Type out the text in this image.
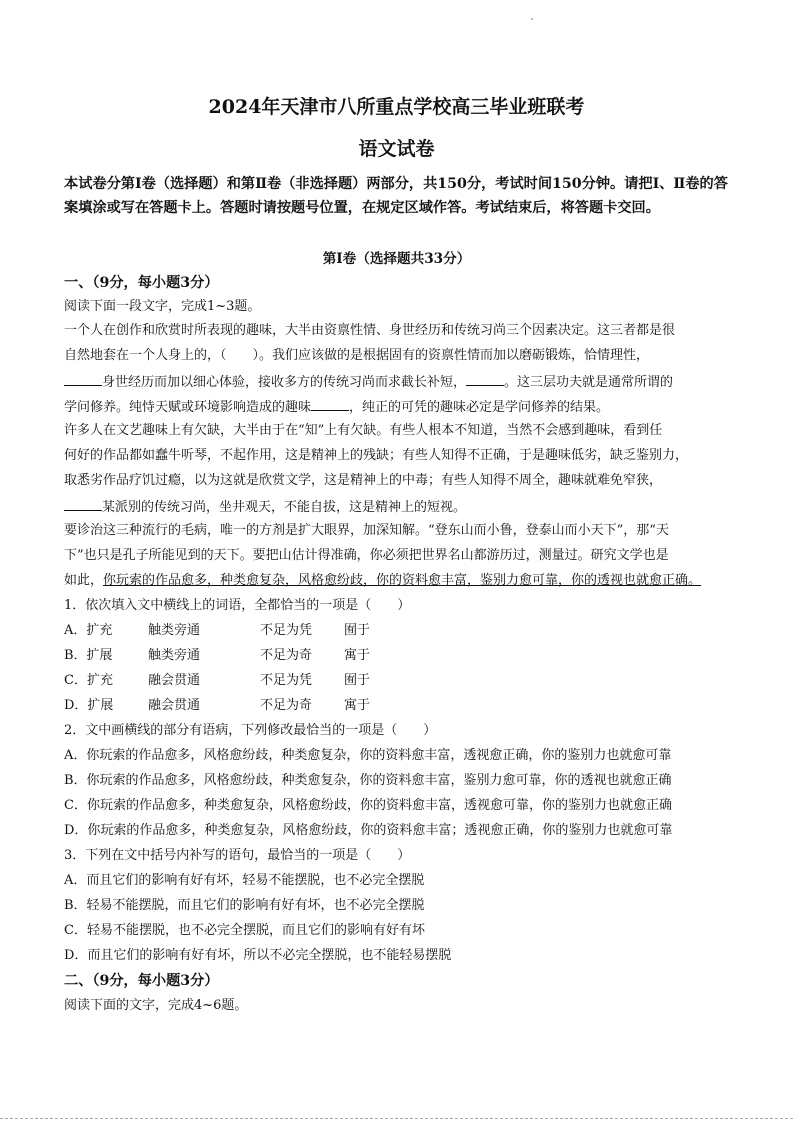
2024年天津市八所重点学校高三毕业班联考
语文试卷
本试卷分第Ⅰ卷（选择题）和第Ⅱ卷（非选择题）两部分，共150分，考试时间150分钟。请把Ⅰ、Ⅱ卷的答案填涂或写在答题卡上。答题时请按题号位置，在规定区域作答。考试结束后，将答题卡交回。
第Ⅰ卷（选择题共33分）
一、（9分，每小题3分）
阅读下面一段文字，完成1~3题。
一个人在创作和欣赏时所表现的趣味，大半由资禀性情、身世经历和传统习尚三个因素决定。这三者都是很
自然地套在一个人身上的，（　　）。我们应该做的是根据固有的资禀性情而加以磨砺锻炼，恰情理性，
身世经历而加以细心体验，接收多方的传统习尚而求截长补短，	。这三层功夫就是通常所谓的
学问修养。纯恃天赋或环境影响造成的趣味	，纯正的可凭的趣味必定是学问修养的结果。
许多人在文艺趣味上有欠缺，大半由于在“知”上有欠缺。有些人根本不知道，当然不会感到趣味，看到任
何好的作品都如蠢牛听琴，不起作用，这是精神上的残缺；有些人知得不正确，于是趣味低劣，缺乏鉴别力，
取悉劣作品疗饥过瘾，以为这就是欣赏文学，这是精神上的中毒；有些人知得不周全，趣味就难免窄狭，
某派别的传统习尚，坐井观天，不能自拔，这是精神上的短视。
要诊治这三种流行的毛病，唯一的方剂是扩大眼界，加深知解。“登东山而小鲁，登泰山而小天下”，那“天
下”也只是孔子所能见到的天下。要把山估计得准确，你必须把世界名山都游历过，测量过。研究文学也是
如此，你玩索的作品愈多，种类愈复杂，风格愈纷歧，你的资料愈丰富，鉴别力愈可靠，你的透视也就愈正确。
1．依次填入文中横线上的词语，全都恰当的一项是（　　）
A．扩充	触类旁通	不足为凭 囿于
B．扩展	触类旁通	不足为奇 寓于
C．扩充	融会贯通	不足为凭 囿于
D．扩展	融会贯通	不足为奇 寓于
2．文中画横线的部分有语病，下列修改最恰当的一项是（　　）
A．你玩索的作品愈多，风格愈纷歧，种类愈复杂，你的资料愈丰富，透视愈正确，你的鉴别力也就愈可靠
B．你玩索的作品愈多，风格愈纷歧，种类愈复杂，你的资料愈丰富，鉴别力愈可靠，你的透视也就愈正确
C．你玩索的作品愈多，种类愈复杂，风格愈纷歧，你的资料愈丰富，透视愈可靠，你的鉴别力也就愈正确
D．你玩索的作品愈多，种类愈复杂，风格愈纷歧，你的资料愈丰富；透视愈正确，你的鉴别力也就愈可靠
3．下列在文中括号内补写的语句，最恰当的一项是（　　）
A．而且它们的影响有好有坏，轻易不能摆脱，也不必完全摆脱
B．轻易不能摆脱，而且它们的影响有好有坏，也不必完全摆脱
C．轻易不能摆脱，也不必完全摆脱，而且它们的影响有好有坏
D．而且它们的影响有好有坏，所以不必完全摆脱，也不能轻易摆脱
二、（9分，每小题3分）
阅读下面的文字，完成4~6题。
